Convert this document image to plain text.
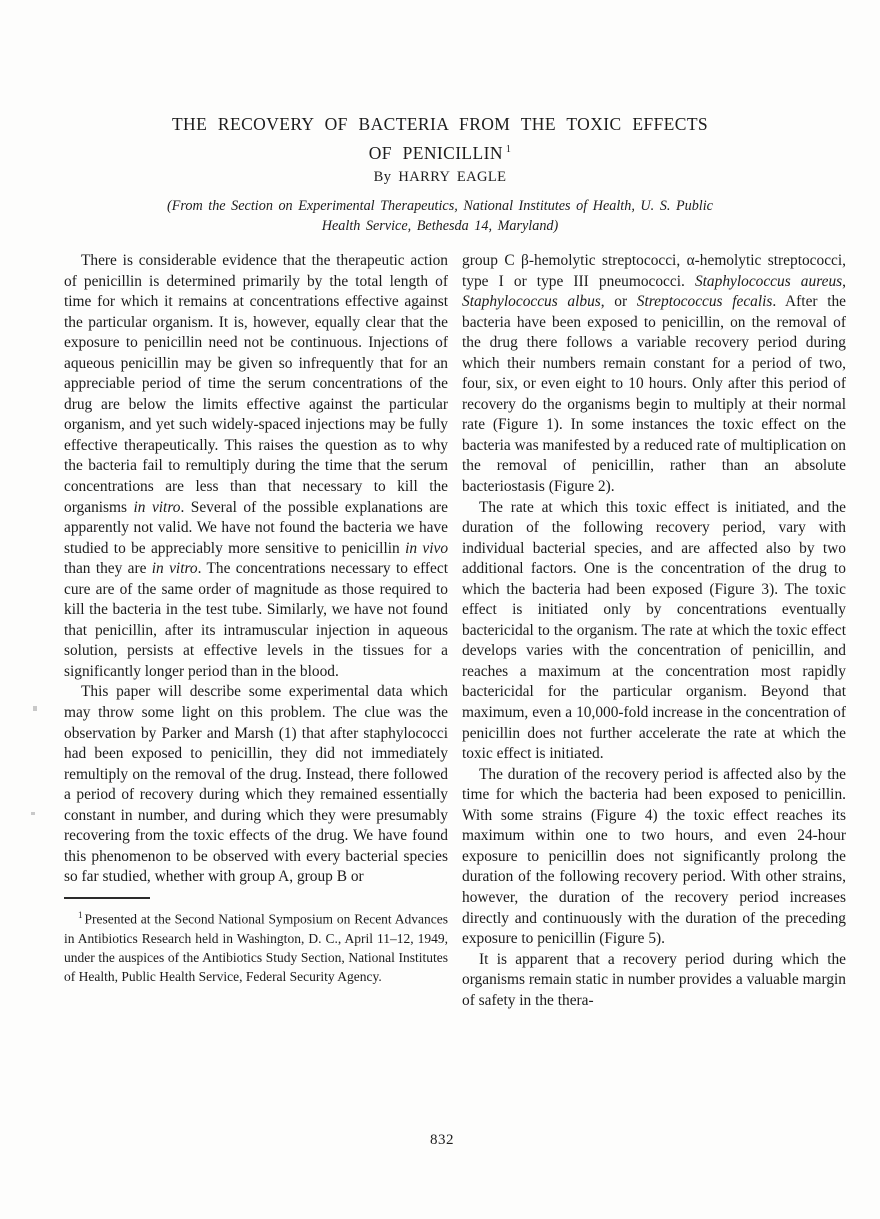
THE RECOVERY OF BACTERIA FROM THE TOXIC EFFECTS
OF PENICILLIN $^1$
By HARRY EAGLE
(From the Section on Experimental Therapeutics, National Institutes of Health, U. S. Public
Health Service, Bethesda 14, Maryland)

There is considerable evidence that the therapeutic action of penicillin is determined primarily by the total length of time for which it remains at concentrations effective against the particular organism. It is, however, equally clear that the exposure to penicillin need not be continuous. Injections of aqueous penicillin may be given so infrequently that for an appreciable period of time the serum concentrations of the drug are below the limits effective against the particular organism, and yet such widely-spaced injections may be fully effective therapeutically. This raises the question as to why the bacteria fail to remultiply during the time that the serum concentrations are less than that necessary to kill the organisms in vitro. Several of the possible explanations are apparently not valid. We have not found the bacteria we have studied to be appreciably more sensitive to penicillin in vivo than they are in vitro. The concentrations necessary to effect cure are of the same order of magnitude as those required to kill the bacteria in the test tube. Similarly, we have not found that penicillin, after its intramuscular injection in aqueous solution, persists at effective levels in the tissues for a significantly longer period than in the blood.

This paper will describe some experimental data which may throw some light on this problem. The clue was the observation by Parker and Marsh (1) that after staphylococci had been exposed to penicillin, they did not immediately remultiply on the removal of the drug. Instead, there followed a period of recovery during which they remained essentially constant in number, and during which they were presumably recovering from the toxic effects of the drug. We have found this phenomenon to be observed with every bacterial species so far studied, whether with group A, group B or

$^1$ Presented at the Second National Symposium on Recent Advances in Antibiotics Research held in Washington, D. C., April 11–12, 1949, under the auspices of the Antibiotics Study Section, National Institutes of Health, Public Health Service, Federal Security Agency.

group C β-hemolytic streptococci, α-hemolytic streptococci, type I or type III pneumococci. Staphylococcus aureus, Staphylococcus albus, or Streptococcus fecalis. After the bacteria have been exposed to penicillin, on the removal of the drug there follows a variable recovery period during which their numbers remain constant for a period of two, four, six, or even eight to 10 hours. Only after this period of recovery do the organisms begin to multiply at their normal rate (Figure 1). In some instances the toxic effect on the bacteria was manifested by a reduced rate of multiplication on the removal of penicillin, rather than an absolute bacteriostasis (Figure 2).

The rate at which this toxic effect is initiated, and the duration of the following recovery period, vary with individual bacterial species, and are affected also by two additional factors. One is the concentration of the drug to which the bacteria had been exposed (Figure 3). The toxic effect is initiated only by concentrations eventually bactericidal to the organism. The rate at which the toxic effect develops varies with the concentration of penicillin, and reaches a maximum at the concentration most rapidly bactericidal for the particular organism. Beyond that maximum, even a 10,000-fold increase in the concentration of penicillin does not further accelerate the rate at which the toxic effect is initiated.

The duration of the recovery period is affected also by the time for which the bacteria had been exposed to penicillin. With some strains (Figure 4) the toxic effect reaches its maximum within one to two hours, and even 24-hour exposure to penicillin does not significantly prolong the duration of the following recovery period. With other strains, however, the duration of the recovery period increases directly and continuously with the duration of the preceding exposure to penicillin (Figure 5).

It is apparent that a recovery period during which the organisms remain static in number provides a valuable margin of safety in the thera-

832
